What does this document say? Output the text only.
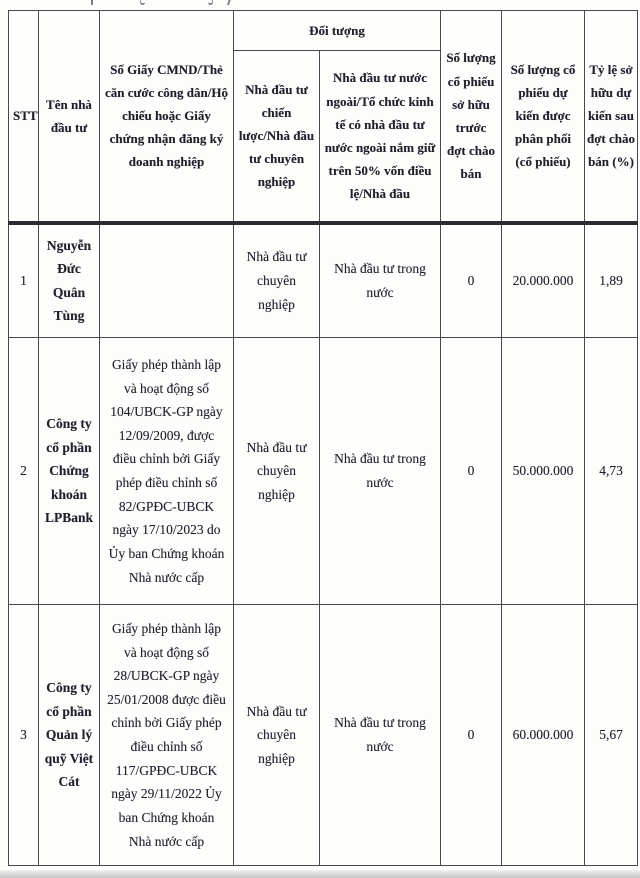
STT	Tên nhà đầu tư	Số Giấy CMND/Thẻ căn cước công dân/Hộ chiếu hoặc Giấy chứng nhận đăng ký doanh nghiệp	Đối tượng		Số lượng cổ phiếu sở hữu trước đợt chào bán	Số lượng cổ phiếu dự kiến được phân phối (cổ phiếu)	Tỷ lệ sở hữu dự kiến sau đợt chào bán (%)
			Nhà đầu tư chiến lược/Nhà đầu tư chuyên nghiệp	Nhà đầu tư nước ngoài/Tổ chức kinh tế có nhà đầu tư nước ngoài nắm giữ trên 50% vốn điều lệ/Nhà đầu			
1	Nguyễn Đức Quân Tùng		Nhà đầu tư chuyên nghiệp	Nhà đầu tư trong nước	0	20.000.000	1,89
2	Công ty cổ phần Chứng khoán LPBank	Giấy phép thành lập và hoạt động số 104/UBCK-GP ngày 12/09/2009, được điều chỉnh bởi Giấy phép điều chỉnh số 82/GPĐC-UBCK ngày 17/10/2023 do Ủy ban Chứng khoán Nhà nước cấp	Nhà đầu tư chuyên nghiệp	Nhà đầu tư trong nước	0	50.000.000	4,73
3	Công ty cổ phần Quản lý quỹ Việt Cát	Giấy phép thành lập và hoạt động số 28/UBCK-GP ngày 25/01/2008 được điều chỉnh bởi Giấy phép điều chỉnh số 117/GPĐC-UBCK ngày 29/11/2022 Ủy ban Chứng khoán Nhà nước cấp	Nhà đầu tư chuyên nghiệp	Nhà đầu tư trong nước	0	60.000.000	5,67
